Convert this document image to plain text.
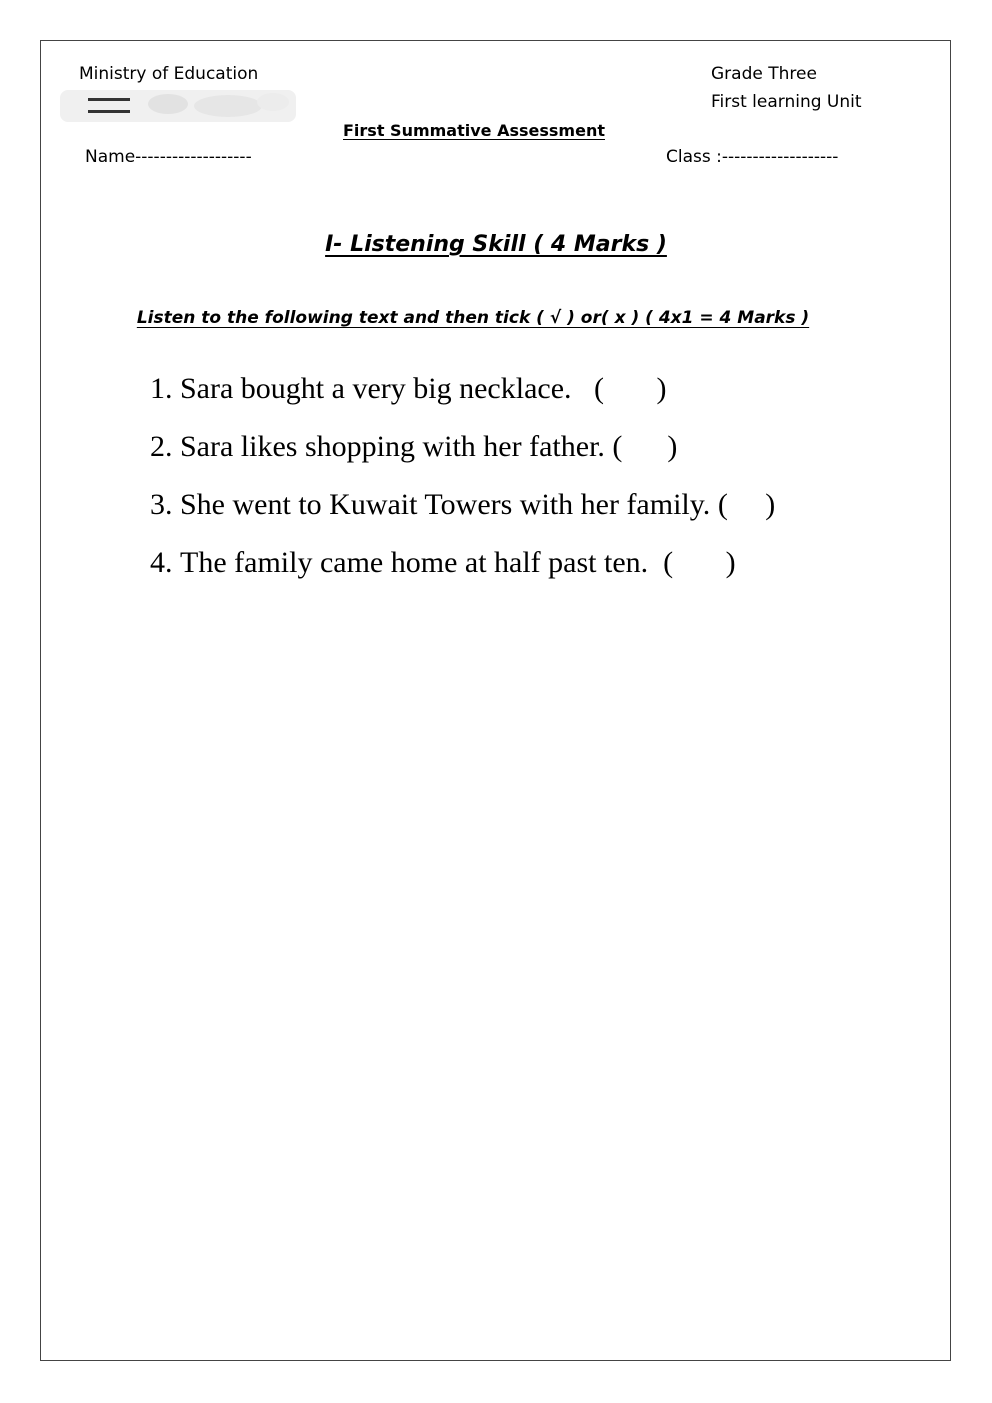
Ministry of Education	Grade Three
First learning Unit
First Summative Assessment
Name-------------------	Class :-------------------
I- Listening Skill ( 4 Marks )
Listen to the following text and then tick ( √ ) or( x ) ( 4x1 = 4 Marks )
1. Sara bought a very big necklace. (       )
2. Sara likes shopping with her father. (      )
3. She went to Kuwait Towers with her family. (     )
4. The family came home at half past ten. (       )
